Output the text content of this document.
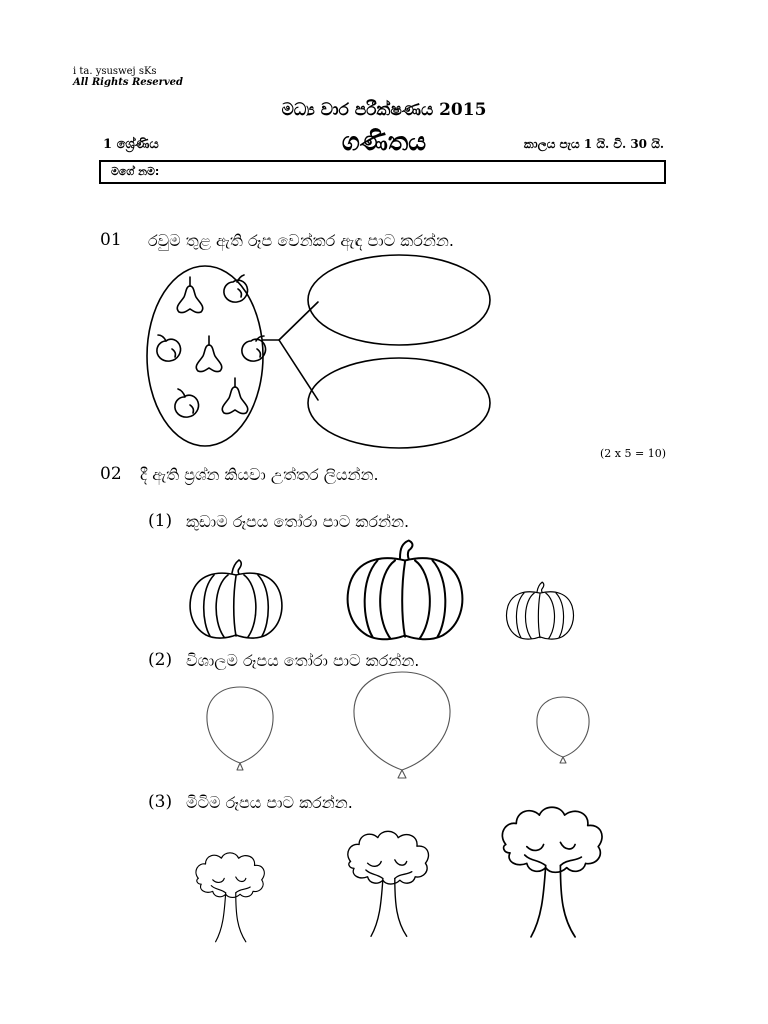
i ta. ysuswej sKs
All Rights Reserved
මධ්‍ය වාර පරීක්ෂණය 2015
1 ශ්‍රේණිය	ගණිතය	කාලය පැය 1 යි. වි. 30 යි.
මගේ නම:
01 රවුම තුළ ඇති රූප වෙන්කර ඇඳ පාට කරන්න.
(2 x 5 = 10)
02 දී ඇති ප්‍රශ්න කියවා උත්තර ලියන්න.
(1) කුඩාම රූපය තෝරා පාට කරන්න.
(2) විශාලම රූපය තෝරා පාට කරන්න.
(3) මිටිම රූපය පාට කරන්න.
